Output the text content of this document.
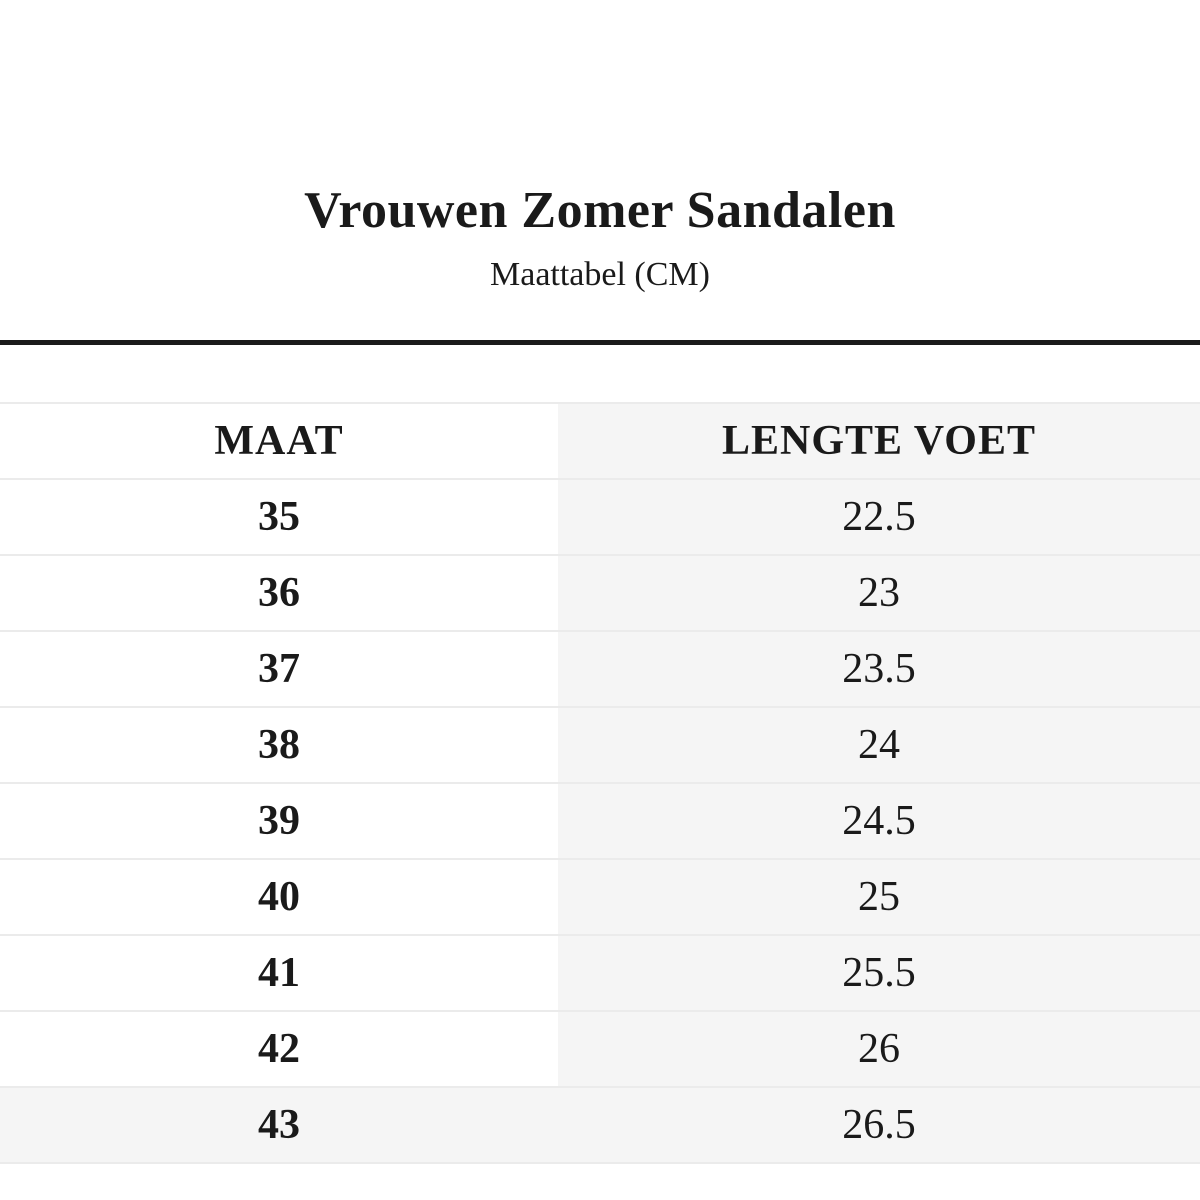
Vrouwen Zomer Sandalen

Maattabel (CM)

MAAT	LENGTE VOET
35	22.5
36	23
37	23.5
38	24
39	24.5
40	25
41	25.5
42	26
43	26.5
